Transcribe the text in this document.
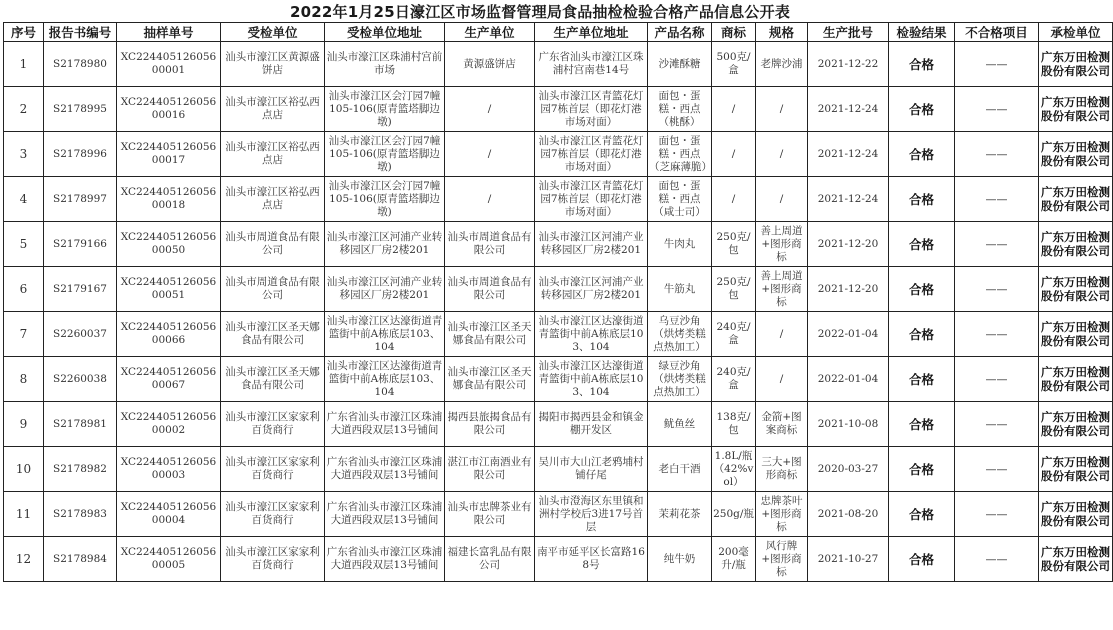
2022年1月25日濠江区市场监督管理局食品抽检检验合格产品信息公开表
序号	报告书编号	抽样单号	受检单位	受检单位地址	生产单位	生产单位地址	产品名称	商标	规格	生产批号	检验结果	不合格项目	承检单位
1	S2178980	XC22440512605600001	汕头市濠江区黄源盛饼店	汕头市濠江区珠浦村宫前市场	黄源盛饼店	广东省汕头市濠江区珠浦村宫南巷14号	沙滩酥糖	500克/盒	老牌沙浦	2021-12-22	合格	——	广东万田检测股份有限公司
2	S2178995	XC22440512605600016	汕头市濠江区裕弘西点店	汕头市濠江区会汀园7幢105-106(原青篮塔脚边墩)	/	汕头市濠江区青篮花灯园7栋首层（即花灯港市场对面）	面包・蛋糕・西点（桃酥）	/	/	2021-12-24	合格	——	广东万田检测股份有限公司
3	S2178996	XC22440512605600017	汕头市濠江区裕弘西点店	汕头市濠江区会汀园7幢105-106(原青篮塔脚边墩)	/	汕头市濠江区青篮花灯园7栋首层（即花灯港市场对面）	面包・蛋糕・西点（芝麻薄脆）	/	/	2021-12-24	合格	——	广东万田检测股份有限公司
4	S2178997	XC22440512605600018	汕头市濠江区裕弘西点店	汕头市濠江区会汀园7幢105-106(原青篮塔脚边墩)	/	汕头市濠江区青篮花灯园7栋首层（即花灯港市场对面）	面包・蛋糕・西点（咸士司）	/	/	2021-12-24	合格	——	广东万田检测股份有限公司
5	S2179166	XC22440512605600050	汕头市周道食品有限公司	汕头市濠江区河浦产业转移园区厂房2楼201	汕头市周道食品有限公司	汕头市濠江区河浦产业转移园区厂房2楼201	牛肉丸	250克/包	善上周道+图形商标	2021-12-20	合格	——	广东万田检测股份有限公司
6	S2179167	XC22440512605600051	汕头市周道食品有限公司	汕头市濠江区河浦产业转移园区厂房2楼201	汕头市周道食品有限公司	汕头市濠江区河浦产业转移园区厂房2楼201	牛筋丸	250克/包	善上周道+图形商标	2021-12-20	合格	——	广东万田检测股份有限公司
7	S2260037	XC22440512605600066	汕头市濠江区圣天娜食品有限公司	汕头市濠江区达濠街道青篮街中前A栋底层103、104	汕头市濠江区圣天娜食品有限公司	汕头市濠江区达濠街道青篮街中前A栋底层103、104	乌豆沙角（烘烤类糕点热加工）	240克/盒	/	2022-01-04	合格	——	广东万田检测股份有限公司
8	S2260038	XC22440512605600067	汕头市濠江区圣天娜食品有限公司	汕头市濠江区达濠街道青篮街中前A栋底层103、104	汕头市濠江区圣天娜食品有限公司	汕头市濠江区达濠街道青篮街中前A栋底层103、104	绿豆沙角（烘烤类糕点热加工）	240克/盒	/	2022-01-04	合格	——	广东万田检测股份有限公司
9	S2178981	XC22440512605600002	汕头市濠江区家家利百货商行	广东省汕头市濠江区珠浦大道西段双层13号铺间	揭西县旅揭食品有限公司	揭阳市揭西县金和镇金棚开发区	鱿鱼丝	138克/包	金箭+图案商标	2021-10-08	合格	——	广东万田检测股份有限公司
10	S2178982	XC22440512605600003	汕头市濠江区家家利百货商行	广东省汕头市濠江区珠浦大道西段双层13号铺间	湛江市江南酒业有限公司	吴川市大山江老鸦埔村铺仔尾	老白干酒	1.8L/瓶（42%vol）	三大+图形商标	2020-03-27	合格	——	广东万田检测股份有限公司
11	S2178983	XC22440512605600004	汕头市濠江区家家利百货商行	广东省汕头市濠江区珠浦大道西段双层13号铺间	汕头市忠牌茶业有限公司	汕头市澄海区东里镇和洲村学校后3进17号首层	茉莉花茶	250g/瓶	忠牌茶叶+图形商标	2021-08-20	合格	——	广东万田检测股份有限公司
12	S2178984	XC22440512605600005	汕头市濠江区家家利百货商行	广东省汕头市濠江区珠浦大道西段双层13号铺间	福建长富乳品有限公司	南平市延平区长富路168号	纯牛奶	200毫升/瓶	风行牌+图形商标	2021-10-27	合格	——	广东万田检测股份有限公司
